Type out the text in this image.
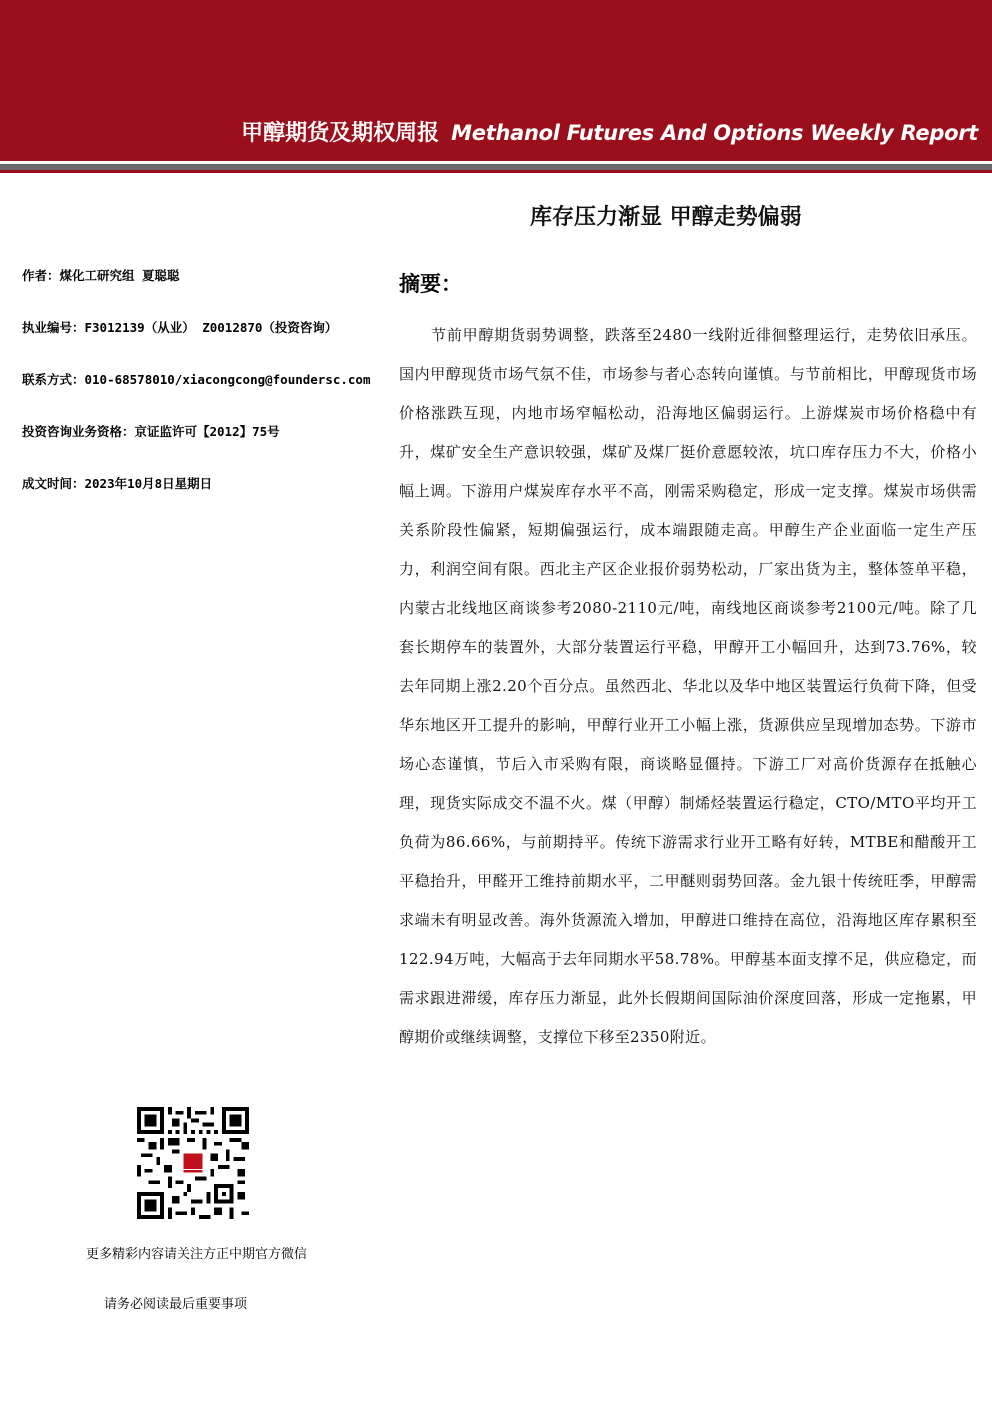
甲醇期货及期权周报 Methanol Futures And Options Weekly Report
库存压力渐显 甲醇走势偏弱
作者：煤化工研究组 夏聪聪
执业编号：F3012139（从业） Z0012870（投资咨询）
联系方式：010-68578010/xiacongcong@foundersc.com
投资咨询业务资格：京证监许可【2012】75号
成文时间：2023年10月8日星期日
摘要：
节前甲醇期货弱势调整，跌落至2480一线附近徘徊整理运行，走势依旧承压。国内甲醇现货市场气氛不佳，市场参与者心态转向谨慎。与节前相比，甲醇现货市场价格涨跌互现，内地市场窄幅松动，沿海地区偏弱运行。上游煤炭市场价格稳中有升，煤矿安全生产意识较强，煤矿及煤厂挺价意愿较浓，坑口库存压力不大，价格小幅上调。下游用户煤炭库存水平不高，刚需采购稳定，形成一定支撑。煤炭市场供需关系阶段性偏紧，短期偏强运行，成本端跟随走高。甲醇生产企业面临一定生产压力，利润空间有限。西北主产区企业报价弱势松动，厂家出货为主，整体签单平稳，内蒙古北线地区商谈参考2080-2110元/吨，南线地区商谈参考2100元/吨。除了几套长期停车的装置外，大部分装置运行平稳，甲醇开工小幅回升，达到73.76%，较去年同期上涨2.20个百分点。虽然西北、华北以及华中地区装置运行负荷下降，但受华东地区开工提升的影响，甲醇行业开工小幅上涨，货源供应呈现增加态势。下游市场心态谨慎，节后入市采购有限，商谈略显僵持。下游工厂对高价货源存在抵触心理，现货实际成交不温不火。煤（甲醇）制烯烃装置运行稳定，CTO/MTO平均开工负荷为86.66%，与前期持平。传统下游需求行业开工略有好转，MTBE和醋酸开工平稳抬升，甲醛开工维持前期水平，二甲醚则弱势回落。金九银十传统旺季，甲醇需求端未有明显改善。海外货源流入增加，甲醇进口维持在高位，沿海地区库存累积至122.94万吨，大幅高于去年同期水平58.78%。甲醇基本面支撑不足，供应稳定，而需求跟进滞缓，库存压力渐显，此外长假期间国际油价深度回落，形成一定拖累，甲醇期价或继续调整，支撑位下移至2350附近。
更多精彩内容请关注方正中期官方微信
请务必阅读最后重要事项
